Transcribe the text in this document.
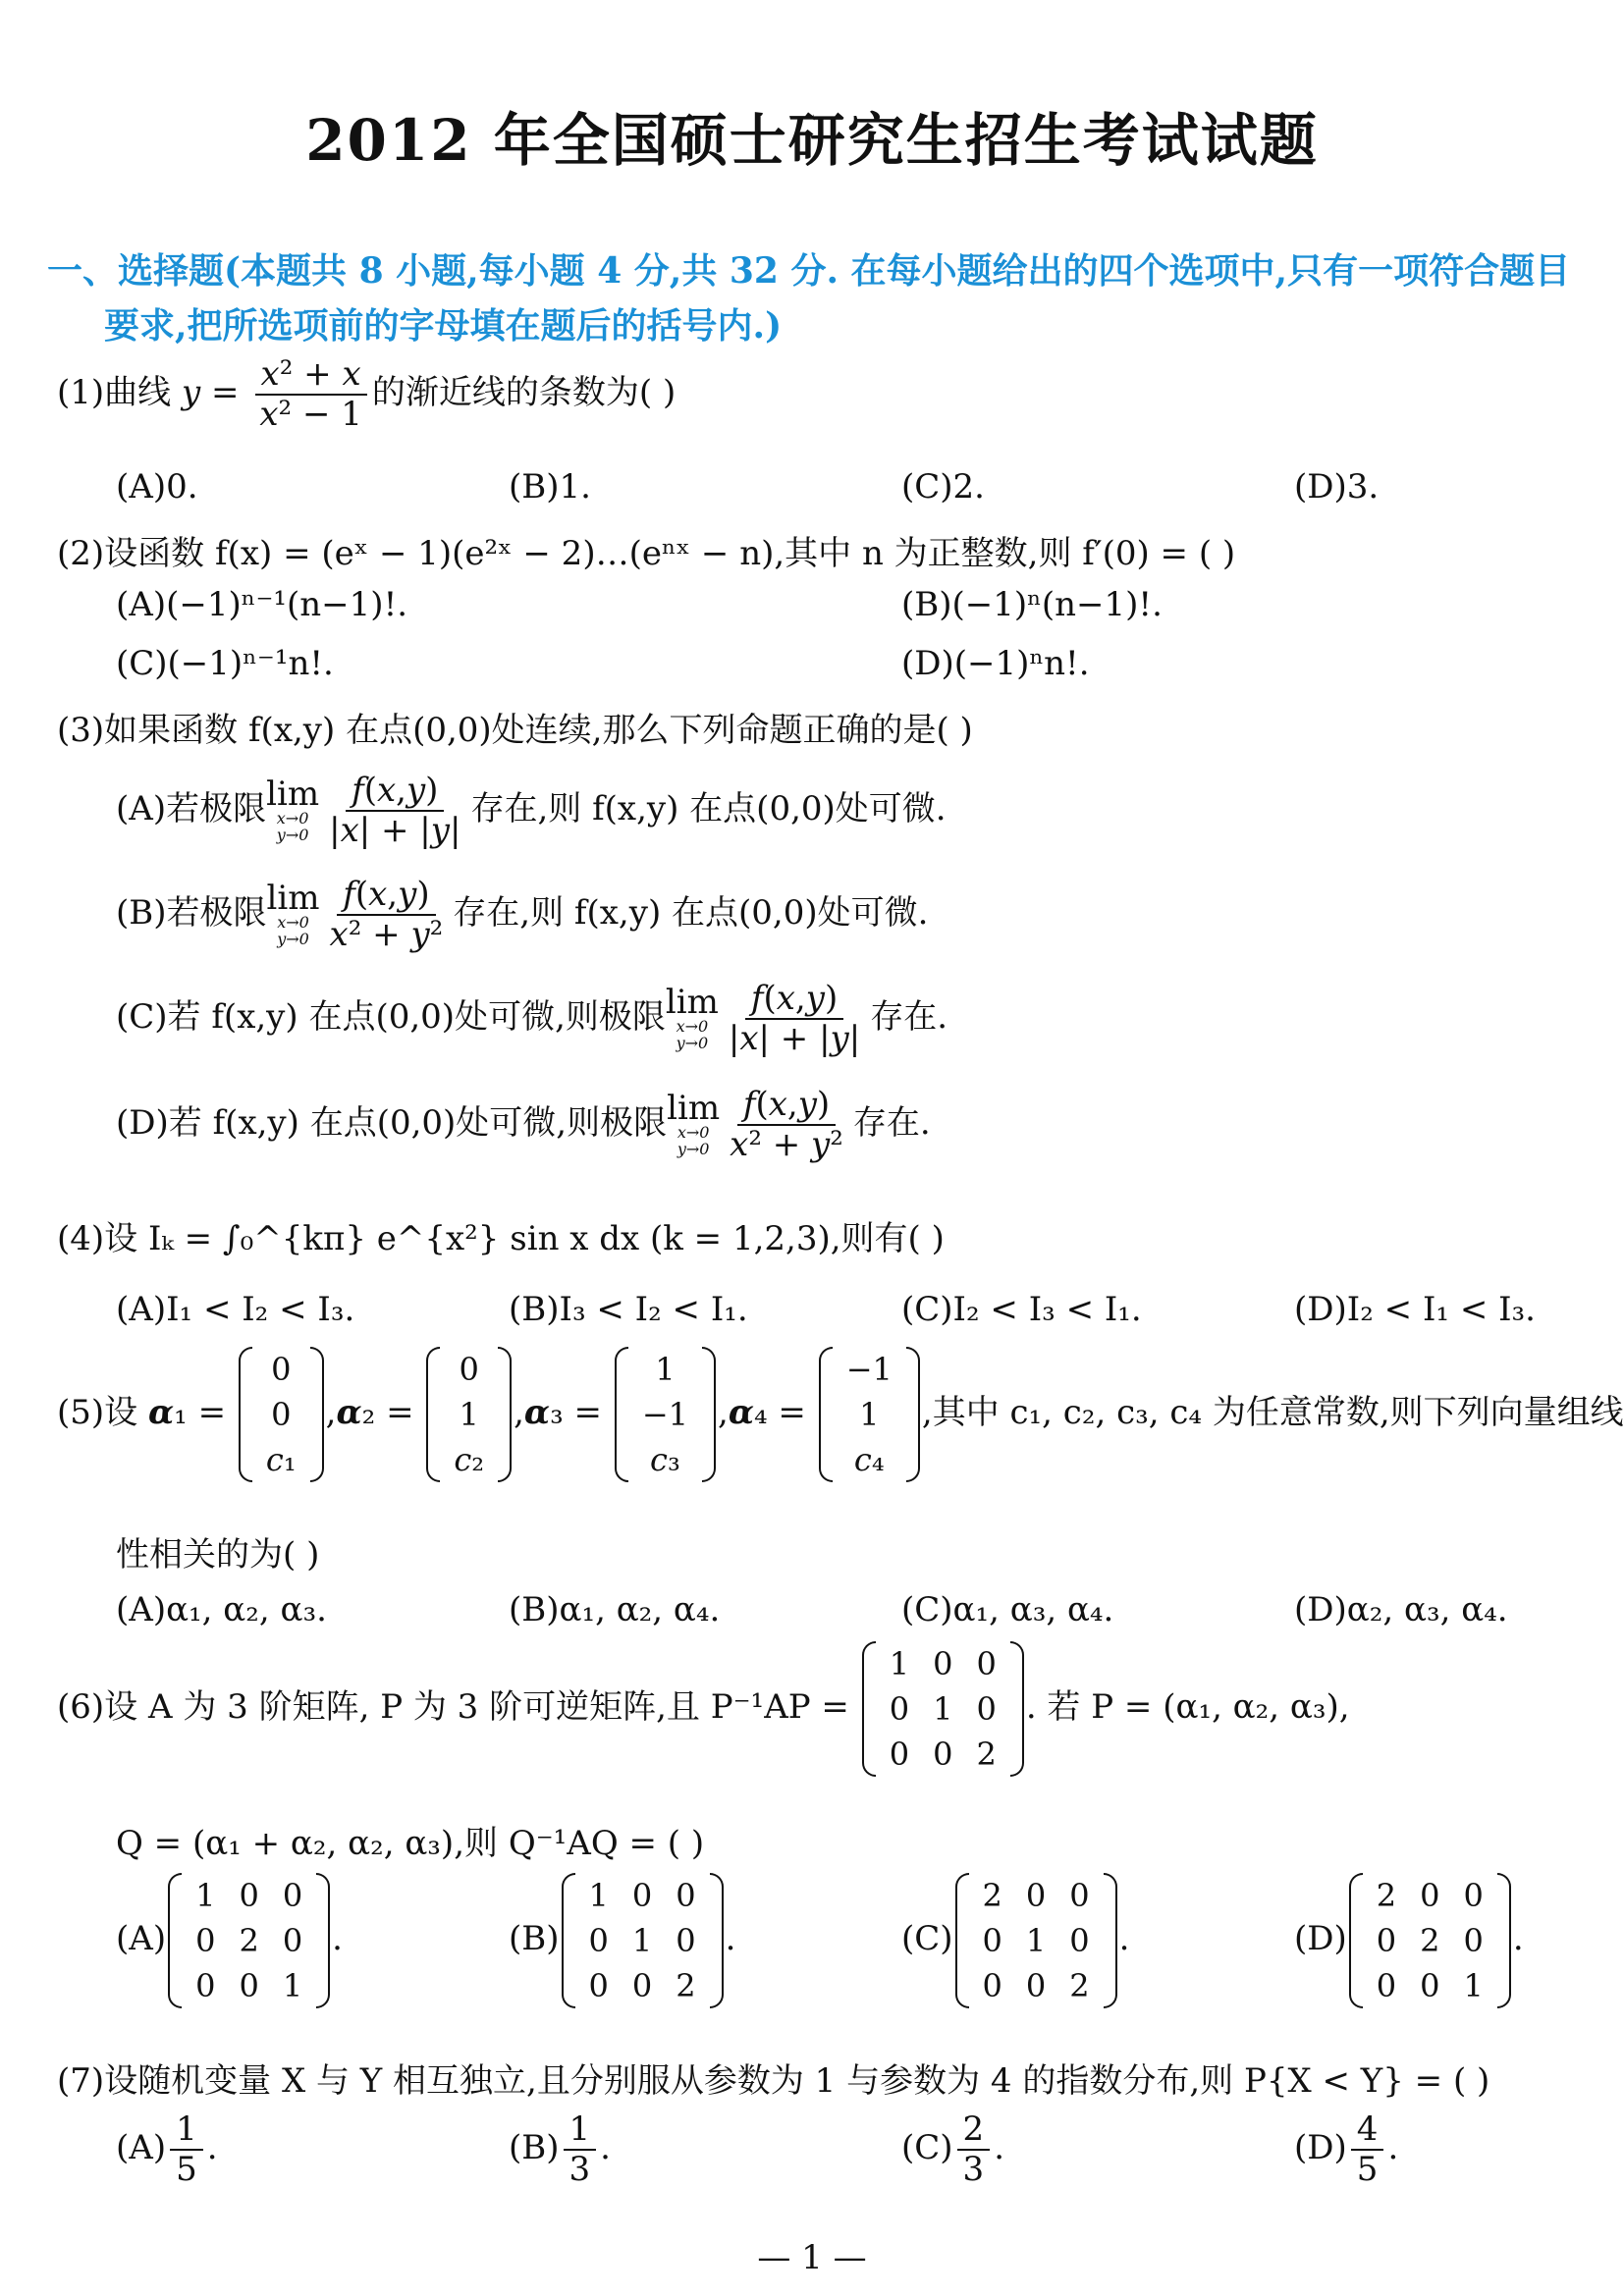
2012 年全国硕士研究生招生考试试题
一、选择题(本题共 8 小题,每小题 4 分,共 32 分. 在每小题给出的四个选项中,只有一项符合题目
要求,把所选项前的字母填在题后的括号内.)
(1)曲线 $y = \frac{\text{x² + x}}{\text{x² − 1}}$ 的渐近线的条数为( )
(A)0.	(B)1.	(C)2.	(D)3.
(2)设函数 f(x) = (eˣ − 1)(e²ˣ − 2)…(eⁿˣ − n),其中 n 为正整数,则 f′(0) = ( )
(A)(−1)ⁿ⁻¹(n−1)!.	(B)(−1)ⁿ(n−1)!.
(C)(−1)ⁿ⁻¹n!.	(D)(−1)ⁿn!.
(3)如果函数 f(x,y) 在点(0,0)处连续,那么下列命题正确的是( )
(A)若极限lim
x→0
$y\to 0 \frac{f(x,y)}{|x| + |y|}$ 存在,则 f(x,y) 在点(0,0)处可微.
(B)若极限lim
x→0
$y\to 0 \frac{f(x,y)}{\text{x² + y²}}$ 存在,则 f(x,y) 在点(0,0)处可微.
(C)若 f(x,y) 在点(0,0)处可微,则极限lim
x→0
$y\to 0 \frac{f(x,y)}{|x| + |y|}$ 存在.
(D)若 f(x,y) 在点(0,0)处可微,则极限lim
x→0
$y\to 0 \frac{f(x,y)}{\text{x² + y²}}$ 存在.
(4)设 Iₖ = ∫₀^{kπ} e^{x²} sin x dx (k = 1,2,3),则有( )
(A)I₁ < I₂ < I₃.	(B)I₃ < I₂ < I₁.	(C)I₂ < I₃ < I₁.	(D)I₂ < I₁ < I₃.
(5)设 α₁ =
0
0
c₁
,α₂ =
0
1
c₂
,α₃ =
1
−1
c₃
,α₄ =
−1
1
c₄
,其中 c₁, c₂, c₃, c₄ 为任意常数,则下列向量组线
性相关的为( )
(A)α₁, α₂, α₃.	(B)α₁, α₂, α₄.	(C)α₁, α₃, α₄.	(D)α₂, α₃, α₄.
(6)设 A 为 3 阶矩阵, P 为 3 阶可逆矩阵,且 P⁻¹AP =
1	0	0
0	1	0
0	0	2
. 若 P = (α₁, α₂, α₃),
Q = (α₁ + α₂, α₂, α₃),则 Q⁻¹AQ = ( )
(A)
1	0	0
0	2	0
0	0	1
.	(B)
1	0	0
0	1	0
0	0	2
.	(C)
2	0	0
0	1	0
0	0	2
.	(D)
2	0	0
0	2	0
0	0	1
.
(7)设随机变量 X 与 Y 相互独立,且分别服从参数为 1 与参数为 4 的指数分布,则 P{X < Y} = ( )
$(A) \frac{1}{5}$ .	$(B) \frac{1}{3}$ .	$(C) \frac{2}{3}$ .	$(D) \frac{4}{5}$ .
— 1 —
